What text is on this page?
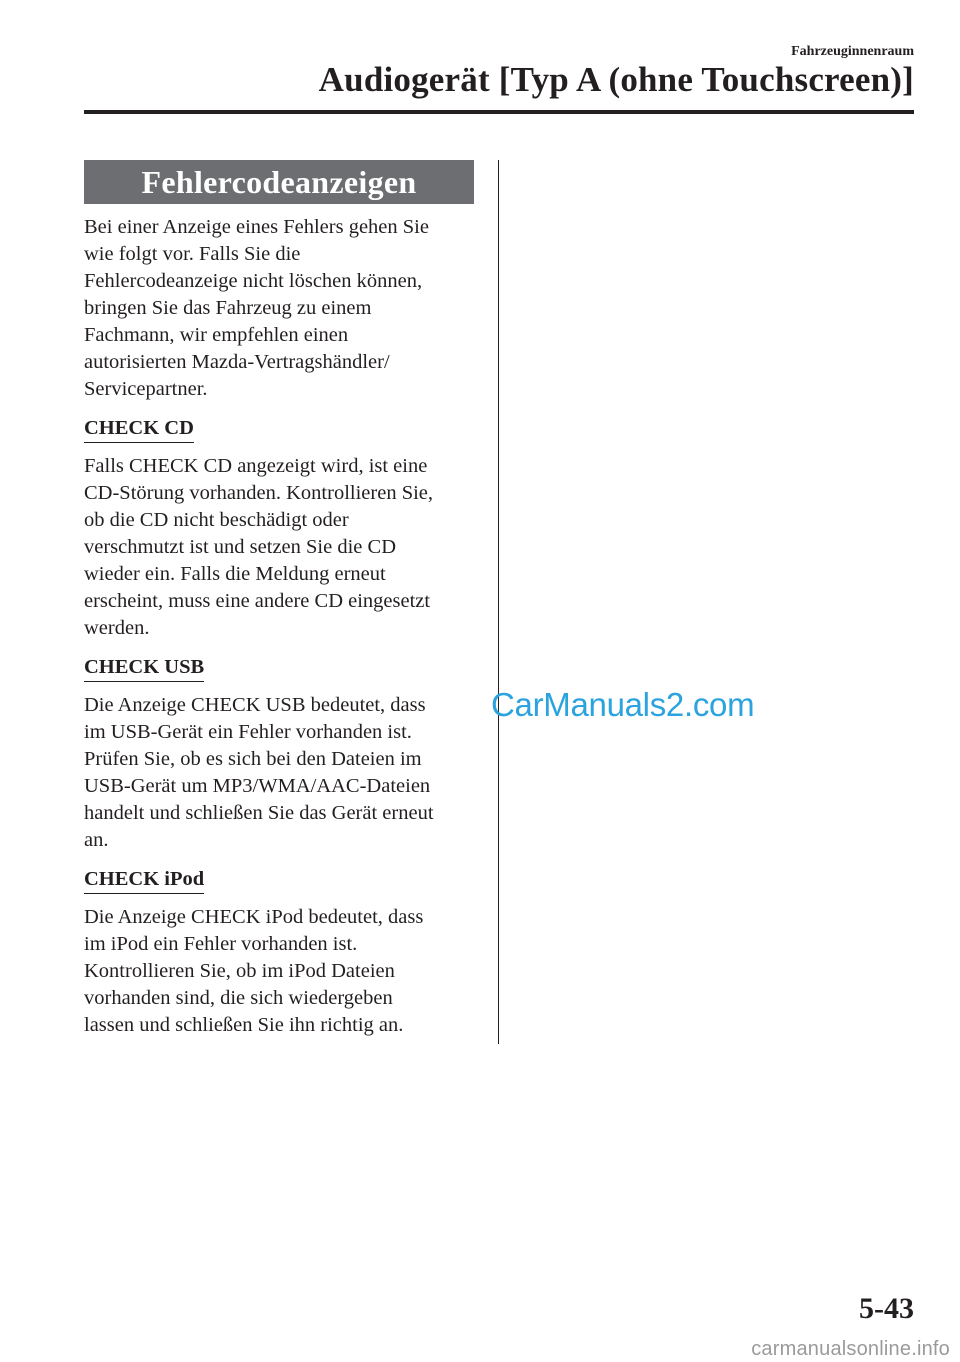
Fahrzeuginnenraum
Audiogerät [Typ A (ohne Touchscreen)]
Fehlercodeanzeigen

Bei einer Anzeige eines Fehlers gehen Sie
wie folgt vor. Falls Sie die
Fehlercodeanzeige nicht löschen können,
bringen Sie das Fahrzeug zu einem
Fachmann, wir empfehlen einen
autorisierten Mazda-Vertragshändler/
Servicepartner.

CHECK CD

Falls CHECK CD angezeigt wird, ist eine
CD-Störung vorhanden. Kontrollieren Sie,
ob die CD nicht beschädigt oder
verschmutzt ist und setzen Sie die CD
wieder ein. Falls die Meldung erneut
erscheint, muss eine andere CD eingesetzt
werden.

CHECK USB

Die Anzeige CHECK USB bedeutet, dass
im USB-Gerät ein Fehler vorhanden ist.
Prüfen Sie, ob es sich bei den Dateien im
USB-Gerät um MP3/WMA/AAC-Dateien
handelt und schließen Sie das Gerät erneut
an.

CHECK iPod

Die Anzeige CHECK iPod bedeutet, dass
im iPod ein Fehler vorhanden ist.
Kontrollieren Sie, ob im iPod Dateien
vorhanden sind, die sich wiedergeben
lassen und schließen Sie ihn richtig an.

CarManuals2.com
5-43
carmanualsonline.info
